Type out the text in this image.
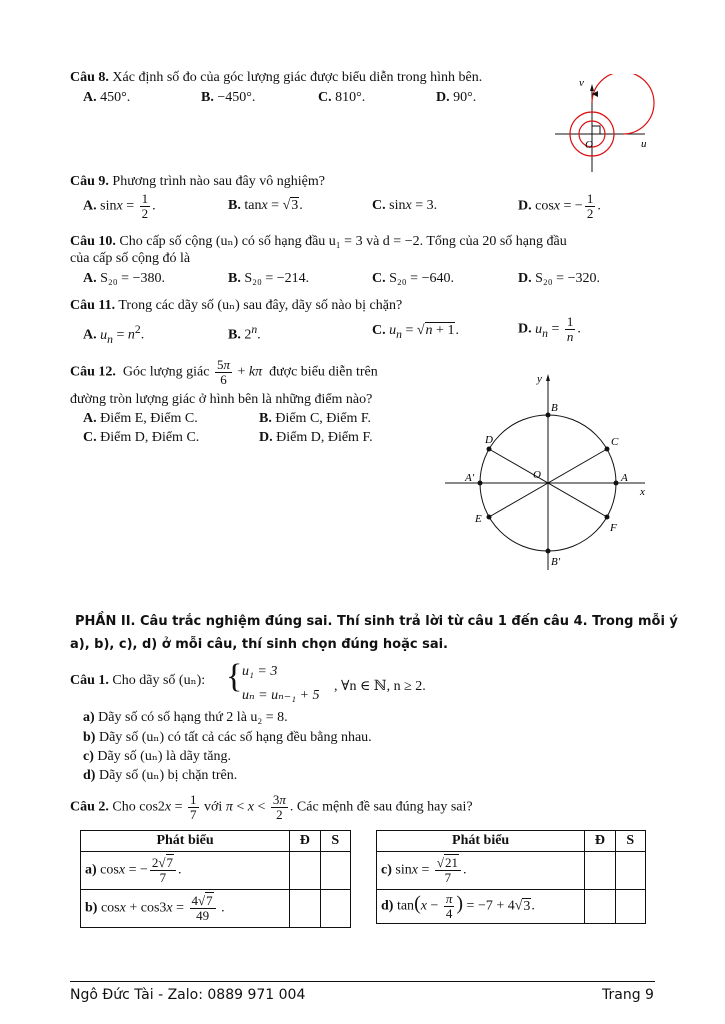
Câu 8. Xác định số đo của góc lượng giác được biểu diễn trong hình bên.
A. 450°.	B. −450°.	C. 810°.	D. 90°.
v
u
O
Câu 9. Phương trình nào sau đây vô nghiệm?
A. $\sin x = \frac{1}{2}$ .	B. tanx = √3.	C. sinx = 3.	D. cosx = − $\frac{1}{2}$ .
Câu 10. Cho cấp số cộng (uₙ) có số hạng đầu u₁ = 3 và d = −2. Tổng của 20 số hạng đầu
của cấp số cộng đó là
A. S₂₀ = −380.	B. S₂₀ = −214.	C. S₂₀ = −640.	D. S₂₀ = −320.
Câu 11. Trong các dãy số (uₙ) sau đây, dãy số nào bị chặn?
A. $u_n = n^2$.	B. 2$^n$.	C. $u_n = √n + 1$.	D. $u_n = \frac{1}{n}$ .
Câu 12. Góc lượng giác $\frac{5\pi}{6} + k\pi$ được biểu diễn trên
đường tròn lượng giác ở hình bên là những điểm nào?
A. Điểm E, Điểm C.	B. Điểm C, Điểm F.
C. Điểm D, Điểm C.	D. Điểm D, Điểm F.
y
x
B
D	C
A′	O	A
E
F
B′
PHẦN II. Câu trắc nghiệm đúng sai. Thí sinh trả lời từ câu 1 đến câu 4. Trong mỗi ý
a), b), c), d) ở mỗi câu, thí sinh chọn đúng hoặc sai.
Câu 1. Cho dãy số (uₙ): { u₁ = 3
uₙ = uₙ₋₁ + 5
, ∀n ∈ ℕ, n ≥ 2.
a) Dãy số có số hạng thứ 2 là u₂ = 8.
b) Dãy số (uₙ) có tất cả các số hạng đều bằng nhau.
c) Dãy số (uₙ) là dãy tăng.
d) Dãy số (uₙ) bị chặn trên.
Câu 2. Cho $\cos 2x = \frac{1}{7}$ với $\pi < x < \frac{3\pi}{2}$ . Các mệnh đề sau đúng hay sai?
Phát biểu	Đ	S
a) cosx = − $\frac{2√7}{7}$ .		
b) $\cos x + \cos 3x = \frac{4√7}{49}$ .		
Phát biểu	Đ	S
c) $\sin x = \frac{√21}{7}$ .		
d) $\tan(x - \frac{\pi}{4}$ ) = −7 + 4√3.		
Ngô Đức Tài - Zalo: 0889 971 004	Trang 9
